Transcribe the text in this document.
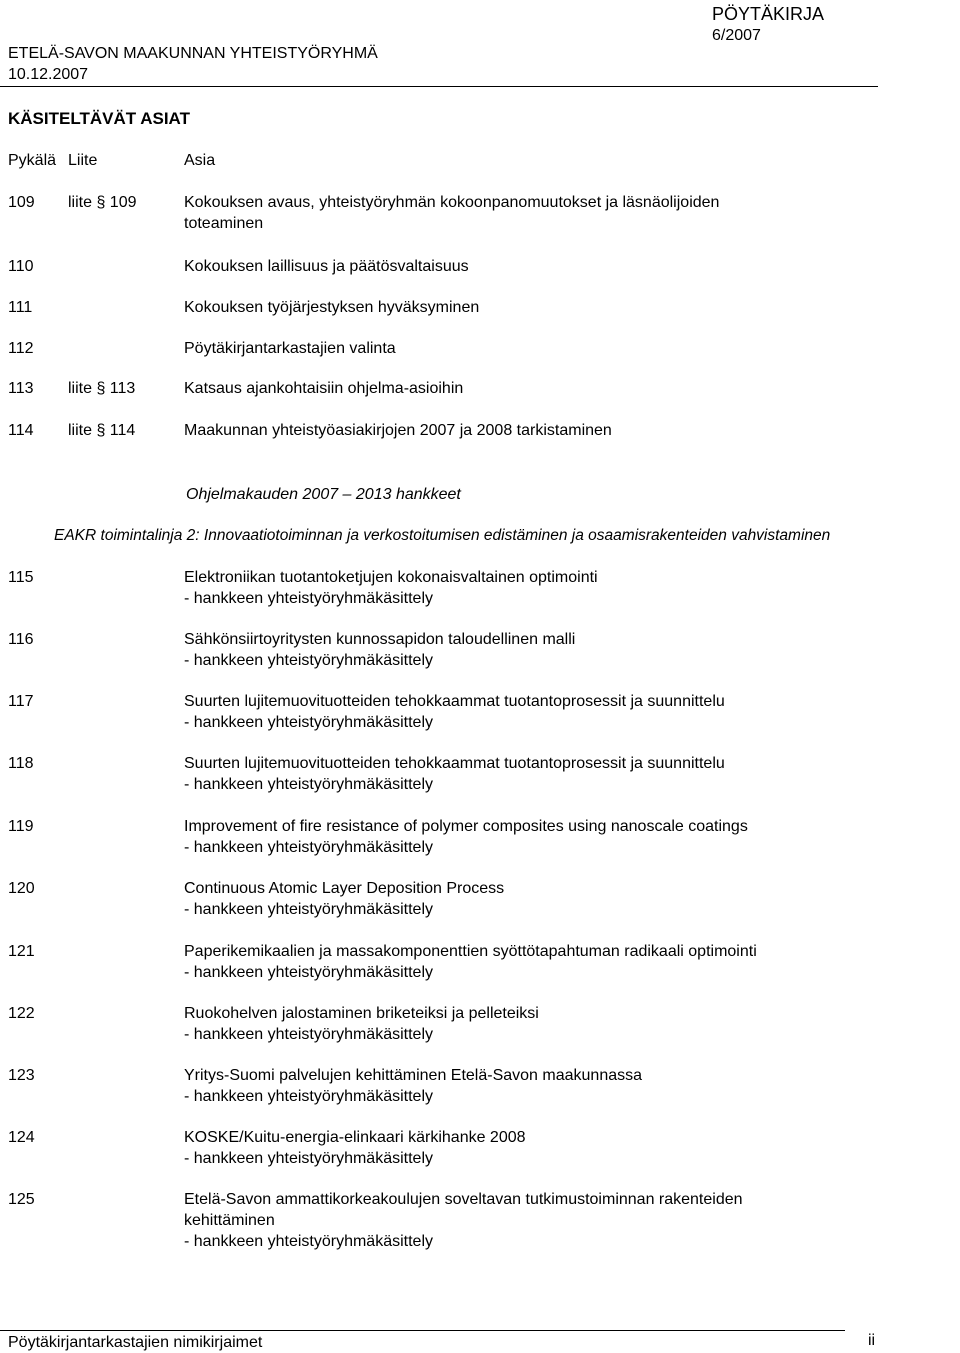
PÖYTÄKIRJA
6/2007
ETELÄ-SAVON MAAKUNNAN YHTEISTYÖRYHMÄ
10.12.2007
KÄSITELTÄVÄT ASIAT
Pykälä Liite	Asia
109 liite § 109	Kokouksen avaus, yhteistyöryhmän kokoonpanomuutokset ja läsnäolijoiden
toteaminen
110	Kokouksen laillisuus ja päätösvaltaisuus
111	Kokouksen työjärjestyksen hyväksyminen
112	Pöytäkirjantarkastajien valinta
113 liite § 113	Katsaus ajankohtaisiin ohjelma-asioihin
114 liite § 114	Maakunnan yhteistyöasiakirjojen 2007 ja 2008 tarkistaminen
Ohjelmakauden 2007 – 2013 hankkeet
EAKR toimintalinja 2: Innovaatiotoiminnan ja verkostoitumisen edistäminen ja osaamisrakenteiden vahvistaminen
115	Elektroniikan tuotantoketjujen kokonaisvaltainen optimointi
- hankkeen yhteistyöryhmäkäsittely
116	Sähkönsiirtoyritysten kunnossapidon taloudellinen malli
- hankkeen yhteistyöryhmäkäsittely
117	Suurten lujitemuovituotteiden tehokkaammat tuotantoprosessit ja suunnittelu
- hankkeen yhteistyöryhmäkäsittely
118	Suurten lujitemuovituotteiden tehokkaammat tuotantoprosessit ja suunnittelu
- hankkeen yhteistyöryhmäkäsittely
119	Improvement of fire resistance of polymer composites using nanoscale coatings
- hankkeen yhteistyöryhmäkäsittely
120	Continuous Atomic Layer Deposition Process
- hankkeen yhteistyöryhmäkäsittely
121	Paperikemikaalien ja massakomponenttien syöttötapahtuman radikaali optimointi
- hankkeen yhteistyöryhmäkäsittely
122	Ruokohelven jalostaminen briketeiksi ja pelleteiksi
- hankkeen yhteistyöryhmäkäsittely
123	Yritys-Suomi palvelujen kehittäminen Etelä-Savon maakunnassa
- hankkeen yhteistyöryhmäkäsittely
124	KOSKE/Kuitu-energia-elinkaari kärkihanke 2008
- hankkeen yhteistyöryhmäkäsittely
125	Etelä-Savon ammattikorkeakoulujen soveltavan tutkimustoiminnan rakenteiden
kehittäminen
- hankkeen yhteistyöryhmäkäsittely
Pöytäkirjantarkastajien nimikirjaimet	ii
